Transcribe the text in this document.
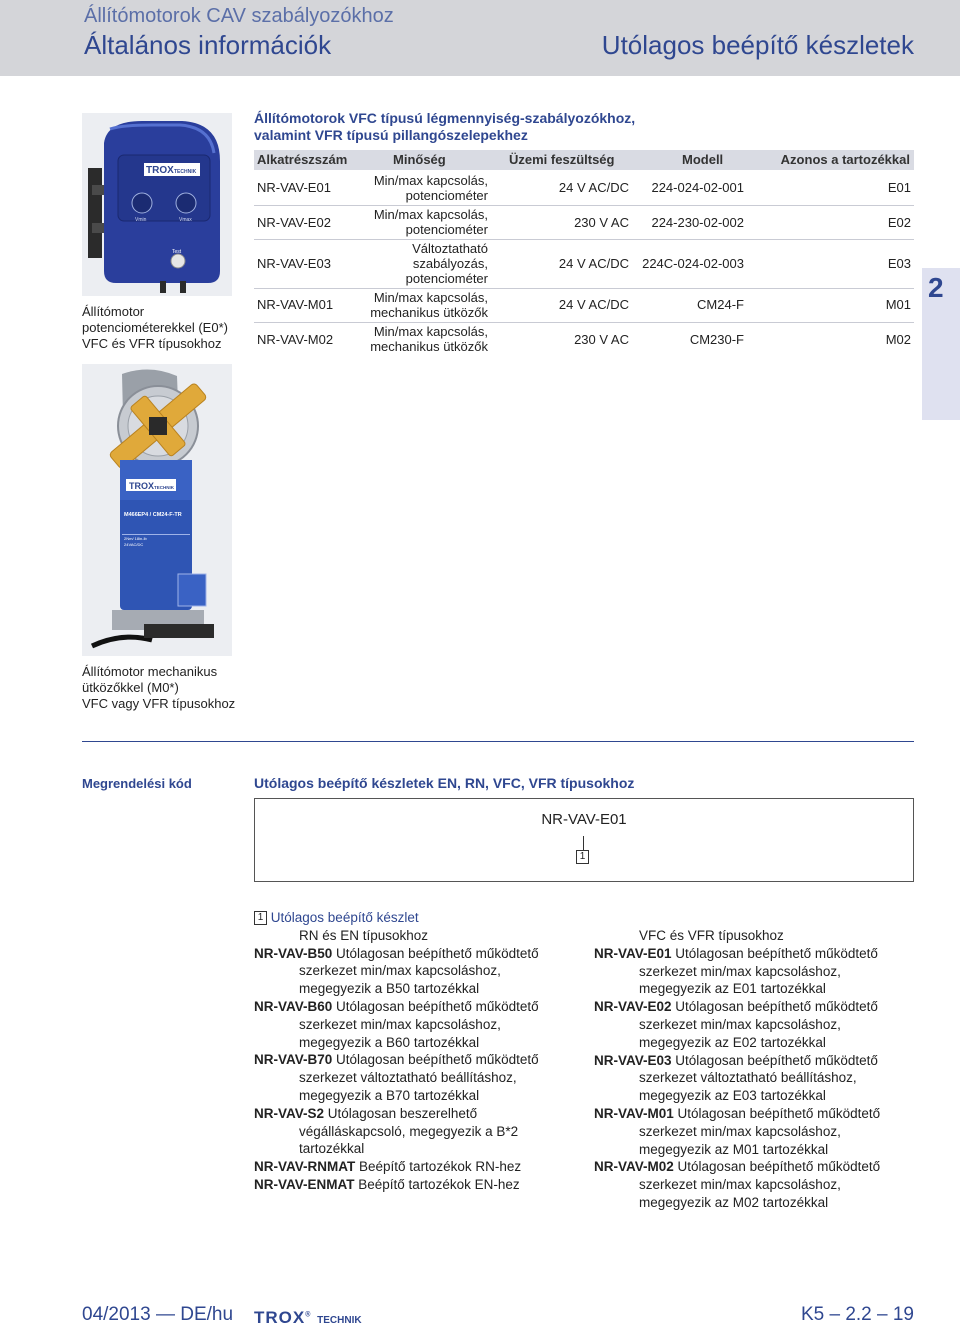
Állítómotorok CAV szabályozókhoz
Általános információk	Utólagos beépítő készletek
TROX TECHNIK
Vmin	Vmax
Test
Állítómotor
potenciométerekkel (E0*)
VFC és VFR típusokhoz
Állítómotorok VFC típusú légmennyiség-szabályozókhoz,
valamint VFR típusú pillangószelepekhez
Alkatrészszám	Minőség	Üzemi feszültség	Modell	Azonos a tartozékkal
NR-VAV-E01	Min/max kapcsolás,
potenciométer
24 V AC/DC 224-024-02-001	E01
NR-VAV-E02
Min/max kapcsolás,
potenciométer	230 V AC 224-230-02-002	E02
NR-VAV-E03
Változtatható
szabályozás,
potenciométer
24 V AC/DC 224C-024-02-003	E03
NR-VAV-M01	Min/max kapcsolás,
mechanikus ütközők
24 V AC/DC	CM24-F	M01
NR-VAV-M02
Min/max kapcsolás,
mechanikus ütközők	230 V AC	CM230-F	M02
2
TROX TECHNIK
M466EP4 / CM24-F-TR
2Nm/ 18in-lb
24VAC/DC
Állítómotor mechanikus
ütközőkkel (M0*)
VFC vagy VFR típusokhoz
Megrendelési kód	Utólagos beépítő készletek EN, RN, VFC, VFR típusokhoz
NR-VAV-E01
1

1 Utólagos beépítő készlet

RN és EN típusokhoz

NR-VAV-B50 Utólagosan beépíthető működtető

szerkezet min/max kapcsoláshoz,

megegyezik a B50 tartozékkal

NR-VAV-B60 Utólagosan beépíthető működtető

szerkezet min/max kapcsoláshoz,

megegyezik a B60 tartozékkal

NR-VAV-B70 Utólagosan beépíthető működtető

szerkezet változtatható beállításhoz,

megegyezik a B70 tartozékkal

NR-VAV-S2 Utólagosan beszerelhető

végálláskapcsoló, megegyezik a B*2

tartozékkal

NR-VAV-RNMAT Beépítő tartozékok RN-hez

NR-VAV-ENMAT Beépítő tartozékok EN-hez

VFC és VFR típusokhoz

NR-VAV-E01 Utólagosan beépíthető működtető

szerkezet min/max kapcsoláshoz,

megegyezik az E01 tartozékkal

NR-VAV-E02 Utólagosan beépíthető működtető

szerkezet min/max kapcsoláshoz,

megegyezik az E02 tartozékkal

NR-VAV-E03 Utólagosan beépíthető működtető

szerkezet változtatható beállításhoz,

megegyezik az E03 tartozékkal

NR-VAV-M01 Utólagosan beépíthető működtető

szerkezet min/max kapcsoláshoz,

megegyezik az M01 tartozékkal

NR-VAV-M02 Utólagosan beépíthető működtető

szerkezet min/max kapcsoláshoz,

megegyezik az M02 tartozékkal

04/2013 — DE/hu TROX® TECHNIK	K5 – 2.2 – 19
